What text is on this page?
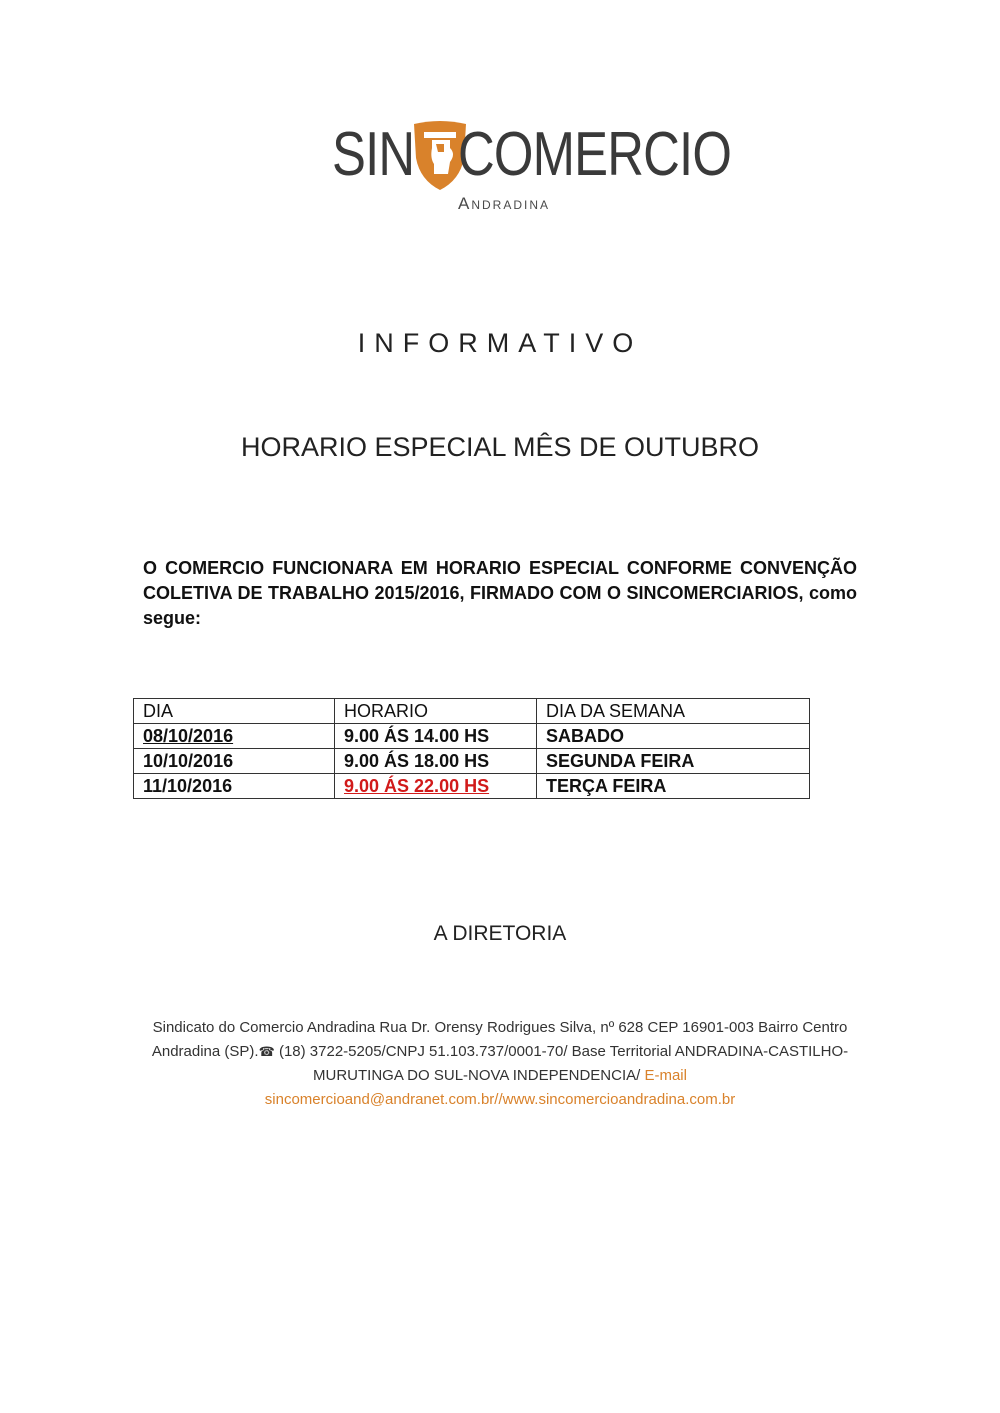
SIN COMERCIO
Andradina
INFORMATIVO
HORARIO ESPECIAL MÊS DE OUTUBRO
O COMERCIO FUNCIONARA EM HORARIO ESPECIAL CONFORME CONVENÇÃO COLETIVA DE TRABALHO 2015/2016, FIRMADO COM O SINCOMERCIARIOS, como segue:
DIA	HORARIO	DIA DA SEMANA
08/10/2016	9.00 ÁS 14.00 HS	SABADO
10/10/2016	9.00 ÁS 18.00 HS	SEGUNDA FEIRA
11/10/2016	9.00 ÁS 22.00 HS	TERÇA FEIRA
A DIRETORIA
Sindicato do Comercio Andradina Rua Dr. Orensy Rodrigues Silva, nº 628 CEP 16901-003 Bairro Centro
Andradina (SP).☎ (18) 3722-5205/CNPJ 51.103.737/0001-70/ Base Territorial ANDRADINA-CASTILHO-
MURUTINGA DO SUL-NOVA INDEPENDENCIA/ E-mail
sincomercioand@andranet.com.br//www.sincomercioandradina.com.br
